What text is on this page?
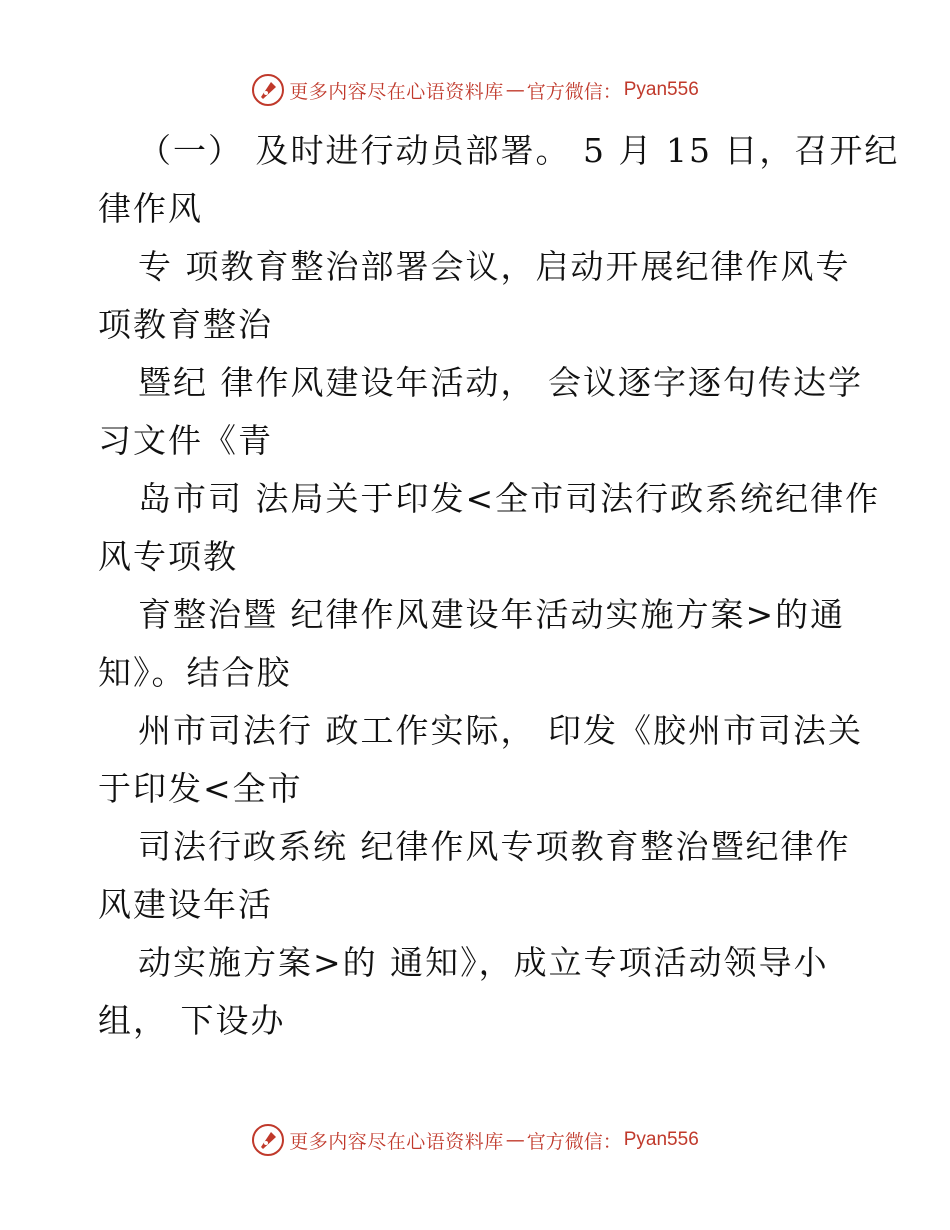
更多内容尽在心语资料库 — 官方微信： Pyan556
（一） 及时进行动员部署。 5 月 15 日，召开纪
律作风
专 项教育整治部署会议，启动开展纪律作风专
项教育整治
暨纪 律作风建设年活动， 会议逐字逐句传达学
习文件《青
岛市司 法局关于印发<全市司法行政系统纪律作
风专项教
育整治暨 纪律作风建设年活动实施方案>的通
知》。结合胶
州市司法行 政工作实际， 印发《胶州市司法关
于印发<全市
司法行政系统 纪律作风专项教育整治暨纪律作
风建设年活
动实施方案>的 通知》，成立专项活动领导小
组， 下设办
更多内容尽在心语资料库 — 官方微信： Pyan556
